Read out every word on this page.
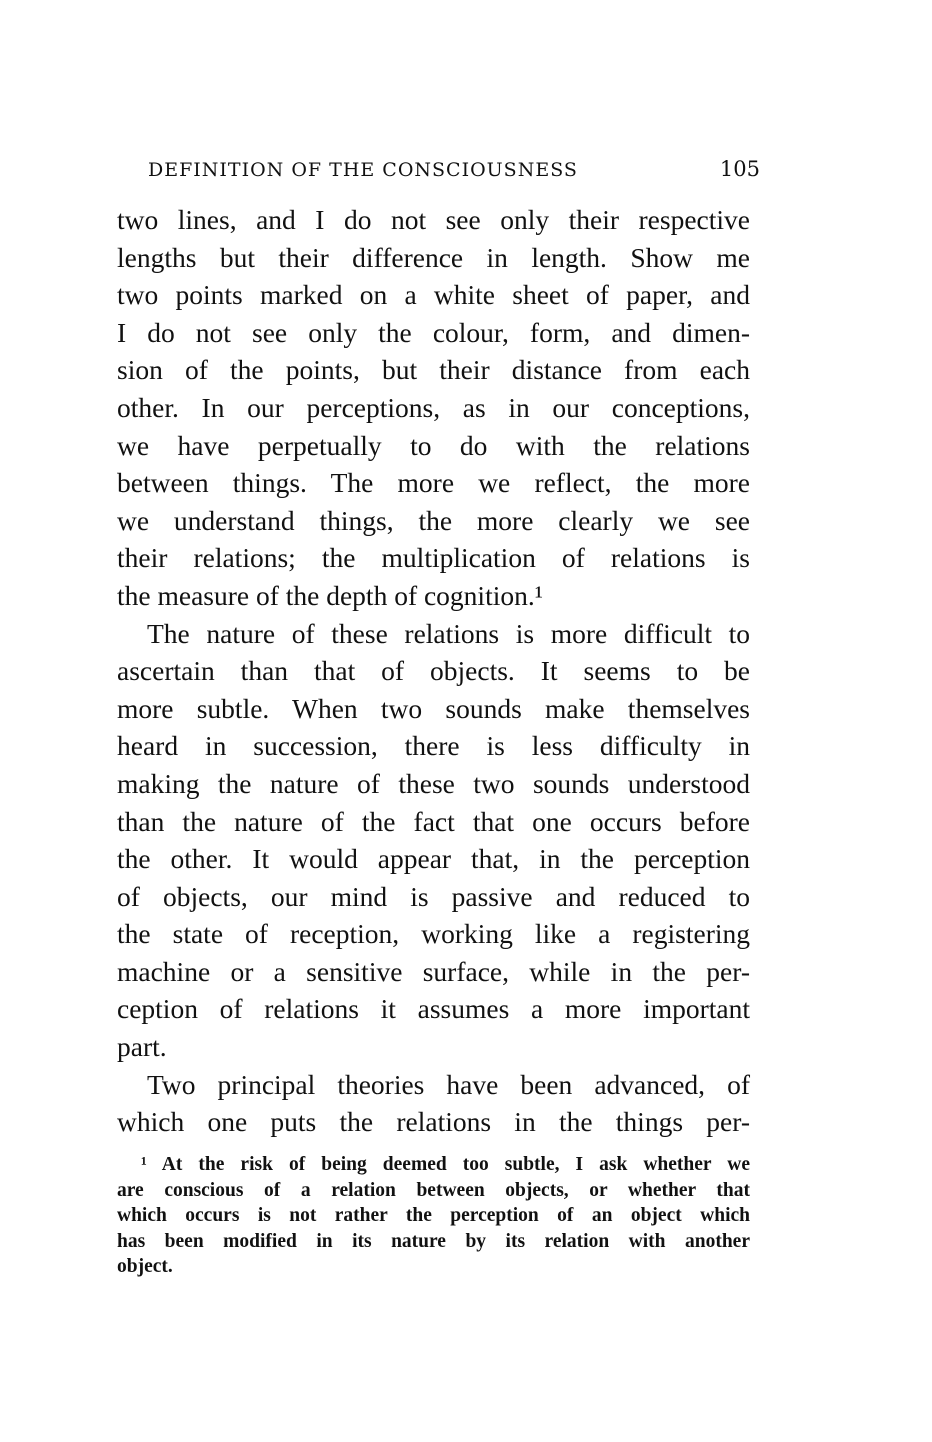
DEFINITION OF THE CONSCIOUSNESS	105
two lines, and I do not see only their respective
lengths but their difference in length. Show me
two points marked on a white sheet of paper, and
I do not see only the colour, form, and dimen-
sion of the points, but their distance from each
other. In our perceptions, as in our conceptions,
we have perpetually to do with the relations
between things. The more we reflect, the more
we understand things, the more clearly we see
their relations; the multiplication of relations is
the measure of the depth of cognition.¹
The nature of these relations is more difficult to
ascertain than that of objects. It seems to be
more subtle. When two sounds make themselves
heard in succession, there is less difficulty in
making the nature of these two sounds understood
than the nature of the fact that one occurs before
the other. It would appear that, in the perception
of objects, our mind is passive and reduced to
the state of reception, working like a registering
machine or a sensitive surface, while in the per-
ception of relations it assumes a more important
part.
Two principal theories have been advanced, of
which one puts the relations in the things per-
¹ At the risk of being deemed too subtle, I ask whether we
are conscious of a relation between objects, or whether that
which occurs is not rather the perception of an object which
has been modified in its nature by its relation with another
object.
